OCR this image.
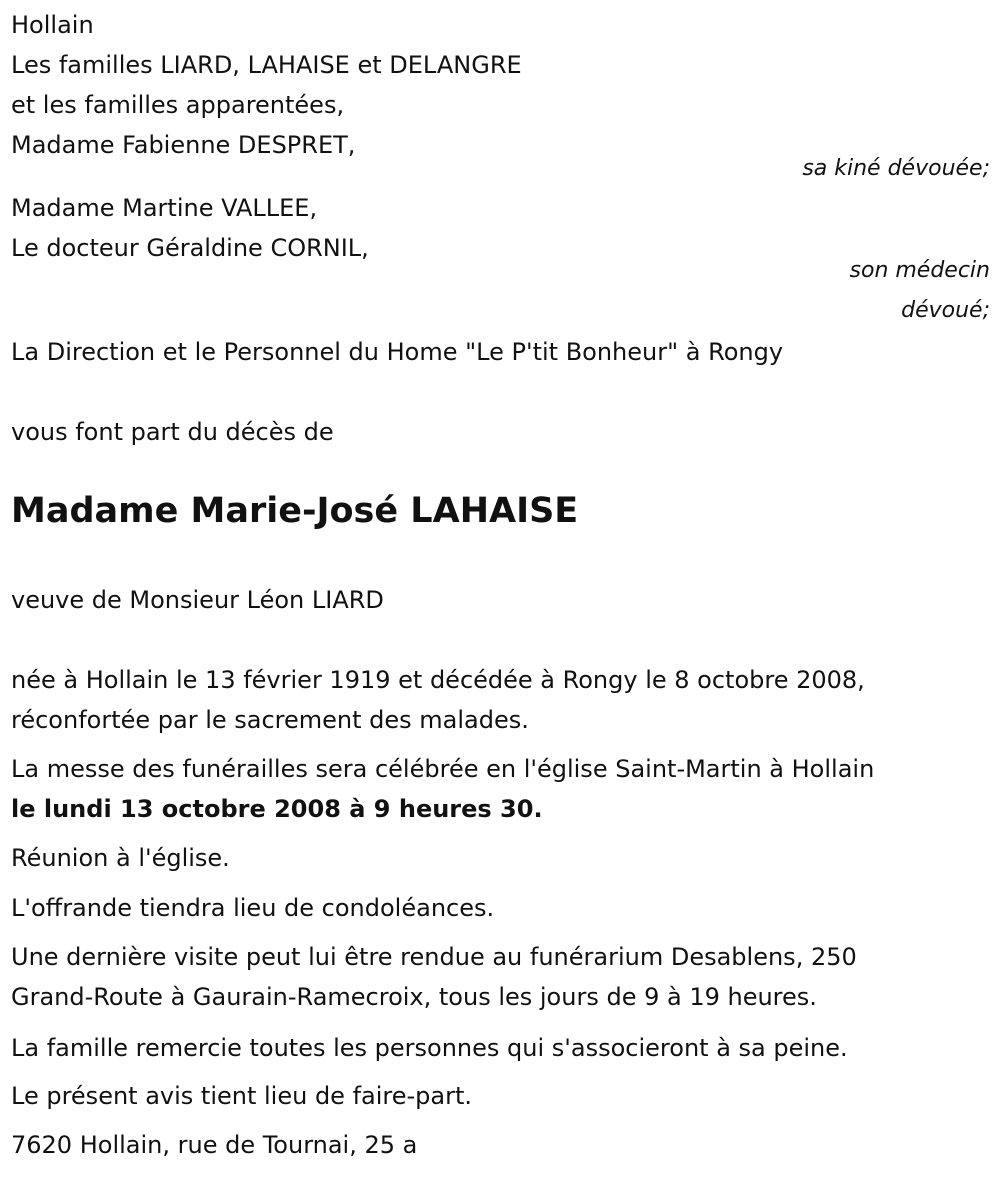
Hollain

Les familles LIARD, LAHAISE et DELANGRE

et les familles apparentées,

Madame Fabienne DESPRET,

sa kiné dévouée;

Madame Martine VALLEE,

Le docteur Géraldine CORNIL,

son médecin
dévoué;

La Direction et le Personnel du Home "Le P'tit Bonheur" à Rongy

vous font part du décès de

Madame Marie-José LAHAISE

veuve de Monsieur Léon LIARD

née à Hollain le 13 février 1919 et décédée à Rongy le 8 octobre 2008,

réconfortée par le sacrement des malades.

La messe des funérailles sera célébrée en l'église Saint-Martin à Hollain

le lundi 13 octobre 2008 à 9 heures 30.

Réunion à l'église.

L'offrande tiendra lieu de condoléances.

Une dernière visite peut lui être rendue au funérarium Desablens, 250

Grand-Route à Gaurain-Ramecroix, tous les jours de 9 à 19 heures.

La famille remercie toutes les personnes qui s'associeront à sa peine.

Le présent avis tient lieu de faire-part.

7620 Hollain, rue de Tournai, 25 a
